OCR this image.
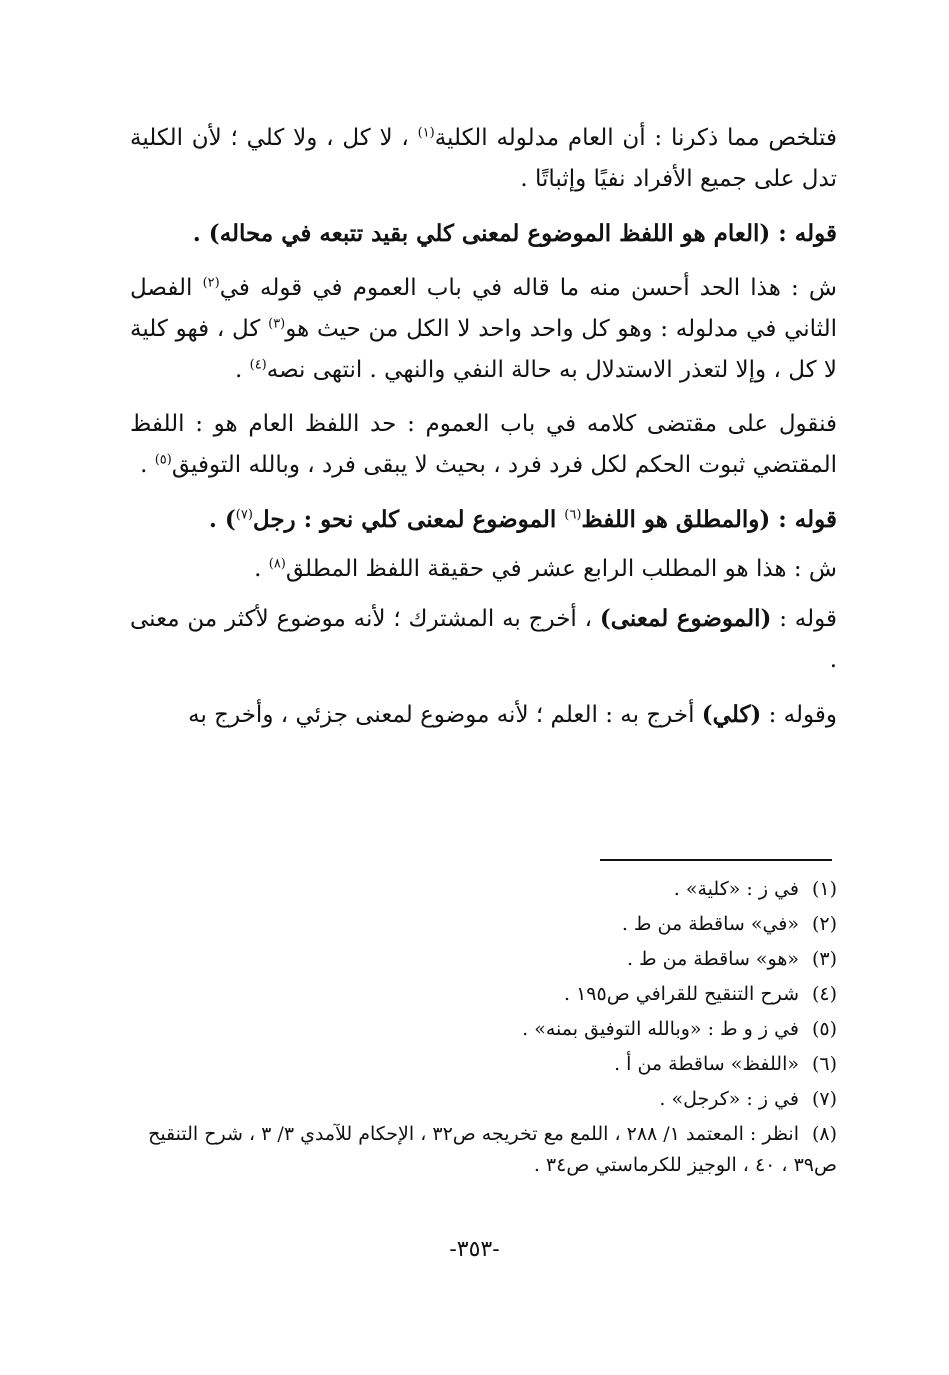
فتلخص مما ذكرنا : أن العام مدلوله الكلية$^{(١)}$ ، لا كل ، ولا كلي ؛ لأن الكلية تدل على جميع الأفراد نفيًا وإثباتًا .

قوله : (العام هو اللفظ الموضوع لمعنى كلي بقيد تتبعه في محاله) .

ش : هذا الحد أحسن منه ما قاله في باب العموم في قوله في$^{(٢)}$ الفصل الثاني في مدلوله : وهو كل واحد واحد لا الكل من حيث هو$^{(٣)}$ كل ، فهو كلية لا كل ، وإلا لتعذر الاستدلال به حالة النفي والنهي . انتهى نصه$^{(٤)}$ .

فنقول على مقتضى كلامه في باب العموم : حد اللفظ العام هو : اللفظ المقتضي ثبوت الحكم لكل فرد فرد ، بحيث لا يبقى فرد ، وبالله التوفيق$^{(٥)}$ .

قوله : (والمطلق هو اللفظ$^{(٦)}$ الموضوع لمعنى كلي نحو : رجل$^{(٧)}$) .

ش : هذا هو المطلب الرابع عشر في حقيقة اللفظ المطلق$^{(٨)}$ .

قوله : (الموضوع لمعنى) ، أخرج به المشترك ؛ لأنه موضوع لأكثر من معنى .

وقوله : (كلي) أخرج به : العلم ؛ لأنه موضوع لمعنى جزئي ، وأخرج به

(١)في ز : «كلية» .
(٢)«في» ساقطة من ط .
(٣)«هو» ساقطة من ط .
(٤)شرح التنقيح للقرافي ص١٩٥ .
(٥)في ز و ط : «وبالله التوفيق بمنه» .
(٦)«اللفظ» ساقطة من أ .
(٧)في ز : «كرجل» .
(٨)انظر : المعتمد ١/ ٢٨٨ ، اللمع مع تخريجه ص٣٢ ، الإحكام للآمدي ٣/ ٣ ، شرح التنقيح ص٣٩ ، ٤٠ ، الوجيز للكرماستي ص٣٤ .
-٣٥٣-
